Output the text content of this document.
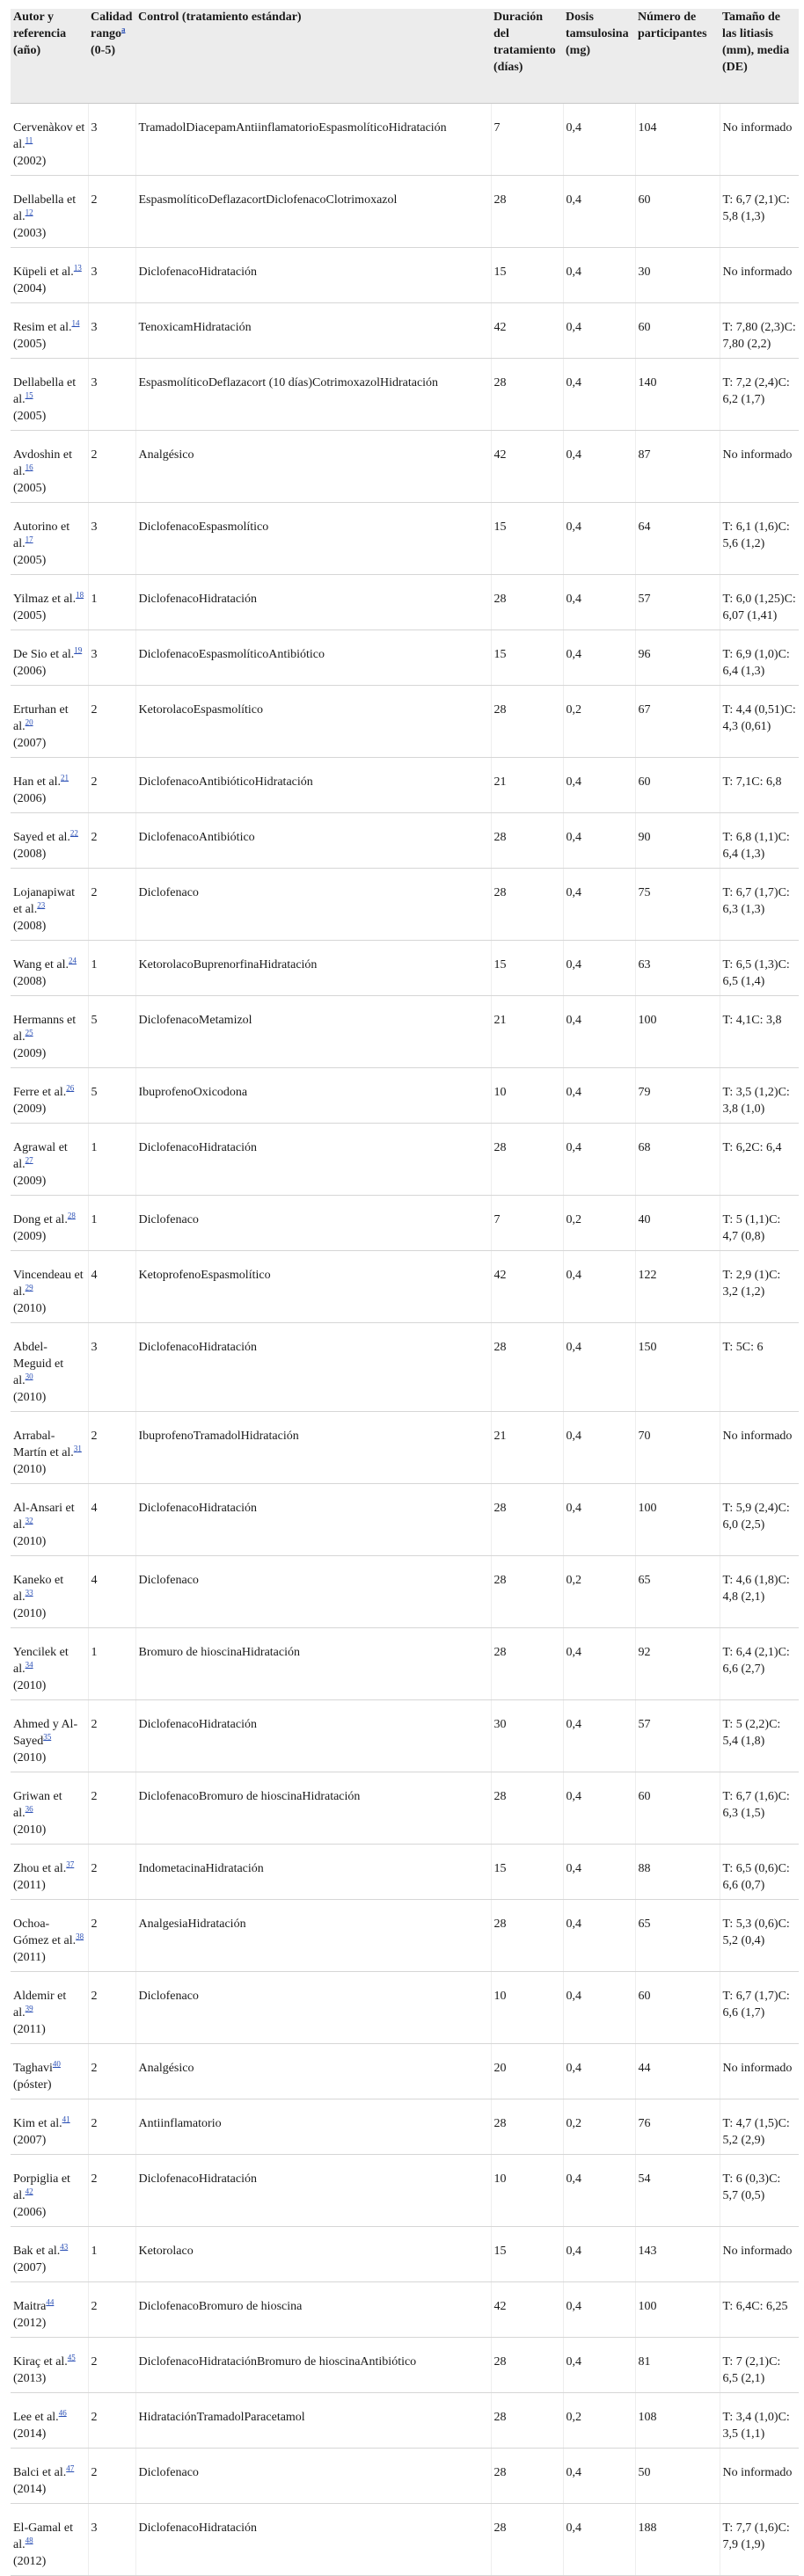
Autor y referencia (año)	Calidad rango$^a$ (0-5)	Control (tratamiento estándar)	Duración del tratamiento (días)	Dosis tamsulosina (mg)	Número de participantes	Tamaño de las litiasis (mm), media (DE)
Cervenàkov et al.$^{11}$
(2002)	3	TramadolDiacepamAntiinflamatorioEspasmolíticoHidratación	7	0,4	104	No informado
Dellabella et al.$^{12}$
(2003)	2	EspasmolíticoDeflazacortDiclofenacoClotrimoxazol	28	0,4	60	T: 6,7 (2,1)C: 5,8 (1,3)
Küpeli et al.$^{13}$
(2004)	3	DiclofenacoHidratación	15	0,4	30	No informado
Resim et al.$^{14}$
(2005)	3	TenoxicamHidratación	42	0,4	60	T: 7,80 (2,3)C: 7,80 (2,2)
Dellabella et al.$^{15}$
(2005)	3	EspasmolíticoDeflazacort (10 días)CotrimoxazolHidratación	28	0,4	140	T: 7,2 (2,4)C: 6,2 (1,7)
Avdoshin et al.$^{16}$
(2005)	2	Analgésico	42	0,4	87	No informado
Autorino et al.$^{17}$
(2005)	3	DiclofenacoEspasmolítico	15	0,4	64	T: 6,1 (1,6)C: 5,6 (1,2)
Yilmaz et al.$^{18}$
(2005)	1	DiclofenacoHidratación	28	0,4	57	T: 6,0 (1,25)C: 6,07 (1,41)
De Sio et al.$^{19}$
(2006)	3	DiclofenacoEspasmolíticoAntibiótico	15	0,4	96	T: 6,9 (1,0)C: 6,4 (1,3)
Erturhan et al.$^{20}$
(2007)	2	KetorolacoEspasmolítico	28	0,2	67	T: 4,4 (0,51)C: 4,3 (0,61)
Han et al.$^{21}$
(2006)	2	DiclofenacoAntibióticoHidratación	21	0,4	60	T: 7,1C: 6,8
Sayed et al.$^{22}$
(2008)	2	DiclofenacoAntibiótico	28	0,4	90	T: 6,8 (1,1)C: 6,4 (1,3)
Lojanapiwat et al.$^{23}$
(2008)	2	Diclofenaco	28	0,4	75	T: 6,7 (1,7)C: 6,3 (1,3)
Wang et al.$^{24}$
(2008)	1	KetorolacoBuprenorfinaHidratación	15	0,4	63	T: 6,5 (1,3)C: 6,5 (1,4)
Hermanns et al.$^{25}$
(2009)	5	DiclofenacoMetamizol	21	0,4	100	T: 4,1C: 3,8
Ferre et al.$^{26}$
(2009)	5	IbuprofenoOxicodona	10	0,4	79	T: 3,5 (1,2)C: 3,8 (1,0)
Agrawal et al.$^{27}$
(2009)	1	DiclofenacoHidratación	28	0,4	68	T: 6,2C: 6,4
Dong et al.$^{28}$
(2009)	1	Diclofenaco	7	0,2	40	T: 5 (1,1)C: 4,7 (0,8)
Vincendeau et al.$^{29}$
(2010)	4	KetoprofenoEspasmolítico	42	0,4	122	T: 2,9 (1)C: 3,2 (1,2)
Abdel-Meguid et al.$^{30}$
(2010)	3	DiclofenacoHidratación	28	0,4	150	T: 5C: 6
Arrabal-Martín et al.$^{31}$
(2010)	2	IbuprofenoTramadolHidratación	21	0,4	70	No informado
Al-Ansari et al.$^{32}$
(2010)	4	DiclofenacoHidratación	28	0,4	100	T: 5,9 (2,4)C: 6,0 (2,5)
Kaneko et al.$^{33}$
(2010)	4	Diclofenaco	28	0,2	65	T: 4,6 (1,8)C: 4,8 (2,1)
Yencilek et al.$^{34}$
(2010)	1	Bromuro de hioscinaHidratación	28	0,4	92	T: 6,4 (2,1)C: 6,6 (2,7)
Ahmed y Al-Sayed$^{35}$
(2010)	2	DiclofenacoHidratación	30	0,4	57	T: 5 (2,2)C: 5,4 (1,8)
Griwan et al.$^{36}$
(2010)	2	DiclofenacoBromuro de hioscinaHidratación	28	0,4	60	T: 6,7 (1,6)C: 6,3 (1,5)
Zhou et al.$^{37}$
(2011)	2	IndometacinaHidratación	15	0,4	88	T: 6,5 (0,6)C: 6,6 (0,7)
Ochoa-Gómez et al.$^{38}$
(2011)	2	AnalgesiaHidratación	28	0,4	65	T: 5,3 (0,6)C: 5,2 (0,4)
Aldemir et al.$^{39}$
(2011)	2	Diclofenaco	10	0,4	60	T: 6,7 (1,7)C: 6,6 (1,7)
Taghavi$^{40}$
(póster)	2	Analgésico	20	0,4	44	No informado
Kim et al.$^{41}$
(2007)	2	Antiinflamatorio	28	0,2	76	T: 4,7 (1,5)C: 5,2 (2,9)
Porpiglia et al.$^{42}$
(2006)	2	DiclofenacoHidratación	10	0,4	54	T: 6 (0,3)C: 5,7 (0,5)
Bak et al.$^{43}$
(2007)	1	Ketorolaco	15	0,4	143	No informado
Maitra$^{44}$
(2012)	2	DiclofenacoBromuro de hioscina	42	0,4	100	T: 6,4C: 6,25
Kiraç et al.$^{45}$
(2013)	2	DiclofenacoHidrataciónBromuro de hioscinaAntibiótico	28	0,4	81	T: 7 (2,1)C: 6,5 (2,1)
Lee et al.$^{46}$
(2014)	2	HidrataciónTramadolParacetamol	28	0,2	108	T: 3,4 (1,0)C: 3,5 (1,1)
Balci et al.$^{47}$
(2014)	2	Diclofenaco	28	0,4	50	No informado
El-Gamal et al.$^{48}$
(2012)	3	DiclofenacoHidratación	28	0,4	188	T: 7,7 (1,6)C: 7,9 (1,9)
